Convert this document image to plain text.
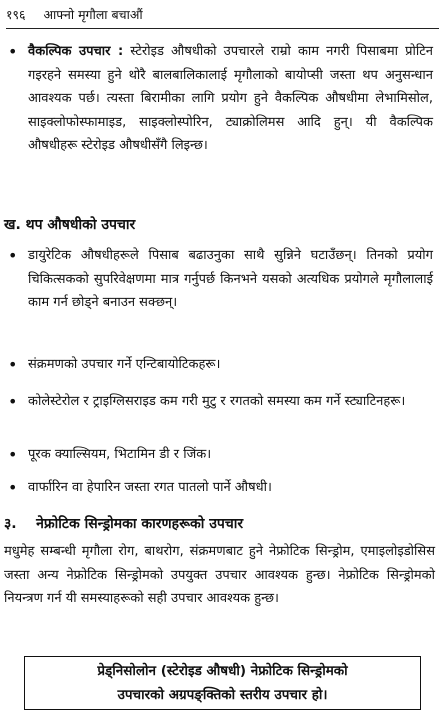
१९६ आफ्नो मृगौला बचाऔं
• वैकल्पिक उपचार : स्टेरोइड औषधीको उपचारले राम्रो काम नगरी पिसाबमा प्रोटिन गइरहने समस्या हुने थोरै बालबालिकालाई मृगौलाको बायोप्सी जस्ता थप अनुसन्धान आवश्यक पर्छ। त्यस्ता बिरामीका लागि प्रयोग हुने वैकल्पिक औषधीमा लेभामिसोल, साइक्लोफोस्फामाइड, साइक्लोस्पोरिन, ट्याक्रोलिमस आदि हुन्। यी वैकल्पिक औषधीहरू स्टेरोइड औषधीसँगै लिइन्छ।
ख. थप औषधीको उपचार
• डायुरेटिक औषधीहरूले पिसाब बढाउनुका साथै सुन्निने घटाउँछन्। तिनको प्रयोग चिकित्सकको सुपरिवेक्षणमा मात्र गर्नुपर्छ किनभने यसको अत्यधिक प्रयोगले मृगौलालाई काम गर्न छोड्ने बनाउन सक्छन्।
• संक्रमणको उपचार गर्ने एन्टिबायोटिकहरू।
• कोलेस्टेरोल र ट्राइग्लिसराइड कम गरी मुटु र रगतको समस्या कम गर्ने स्ट्याटिनहरू।
• पूरक क्याल्सियम, भिटामिन डी र जिंक।
• वार्फारिन वा हेपारिन जस्ता रगत पातलो पार्ने औषधी।
३.    नेफ्रोटिक सिन्ड्रोमका कारणहरूको उपचार
मधुमेह सम्बन्धी मृगौला रोग, बाथरोग, संक्रमणबाट हुने नेफ्रोटिक सिन्ड्रोम, एमाइलोइडोसिस जस्ता अन्य नेफ्रोटिक सिन्ड्रोमको उपयुक्त उपचार आवश्यक हुन्छ। नेफ्रोटिक सिन्ड्रोमको नियन्त्रण गर्न यी समस्याहरूको सही उपचार आवश्यक हुन्छ।
प्रेड्निसोलोन (स्टेरोइड औषधी) नेफ्रोटिक सिन्ड्रोमको
उपचारको अग्रपङ्क्तिको स्तरीय उपचार हो।
